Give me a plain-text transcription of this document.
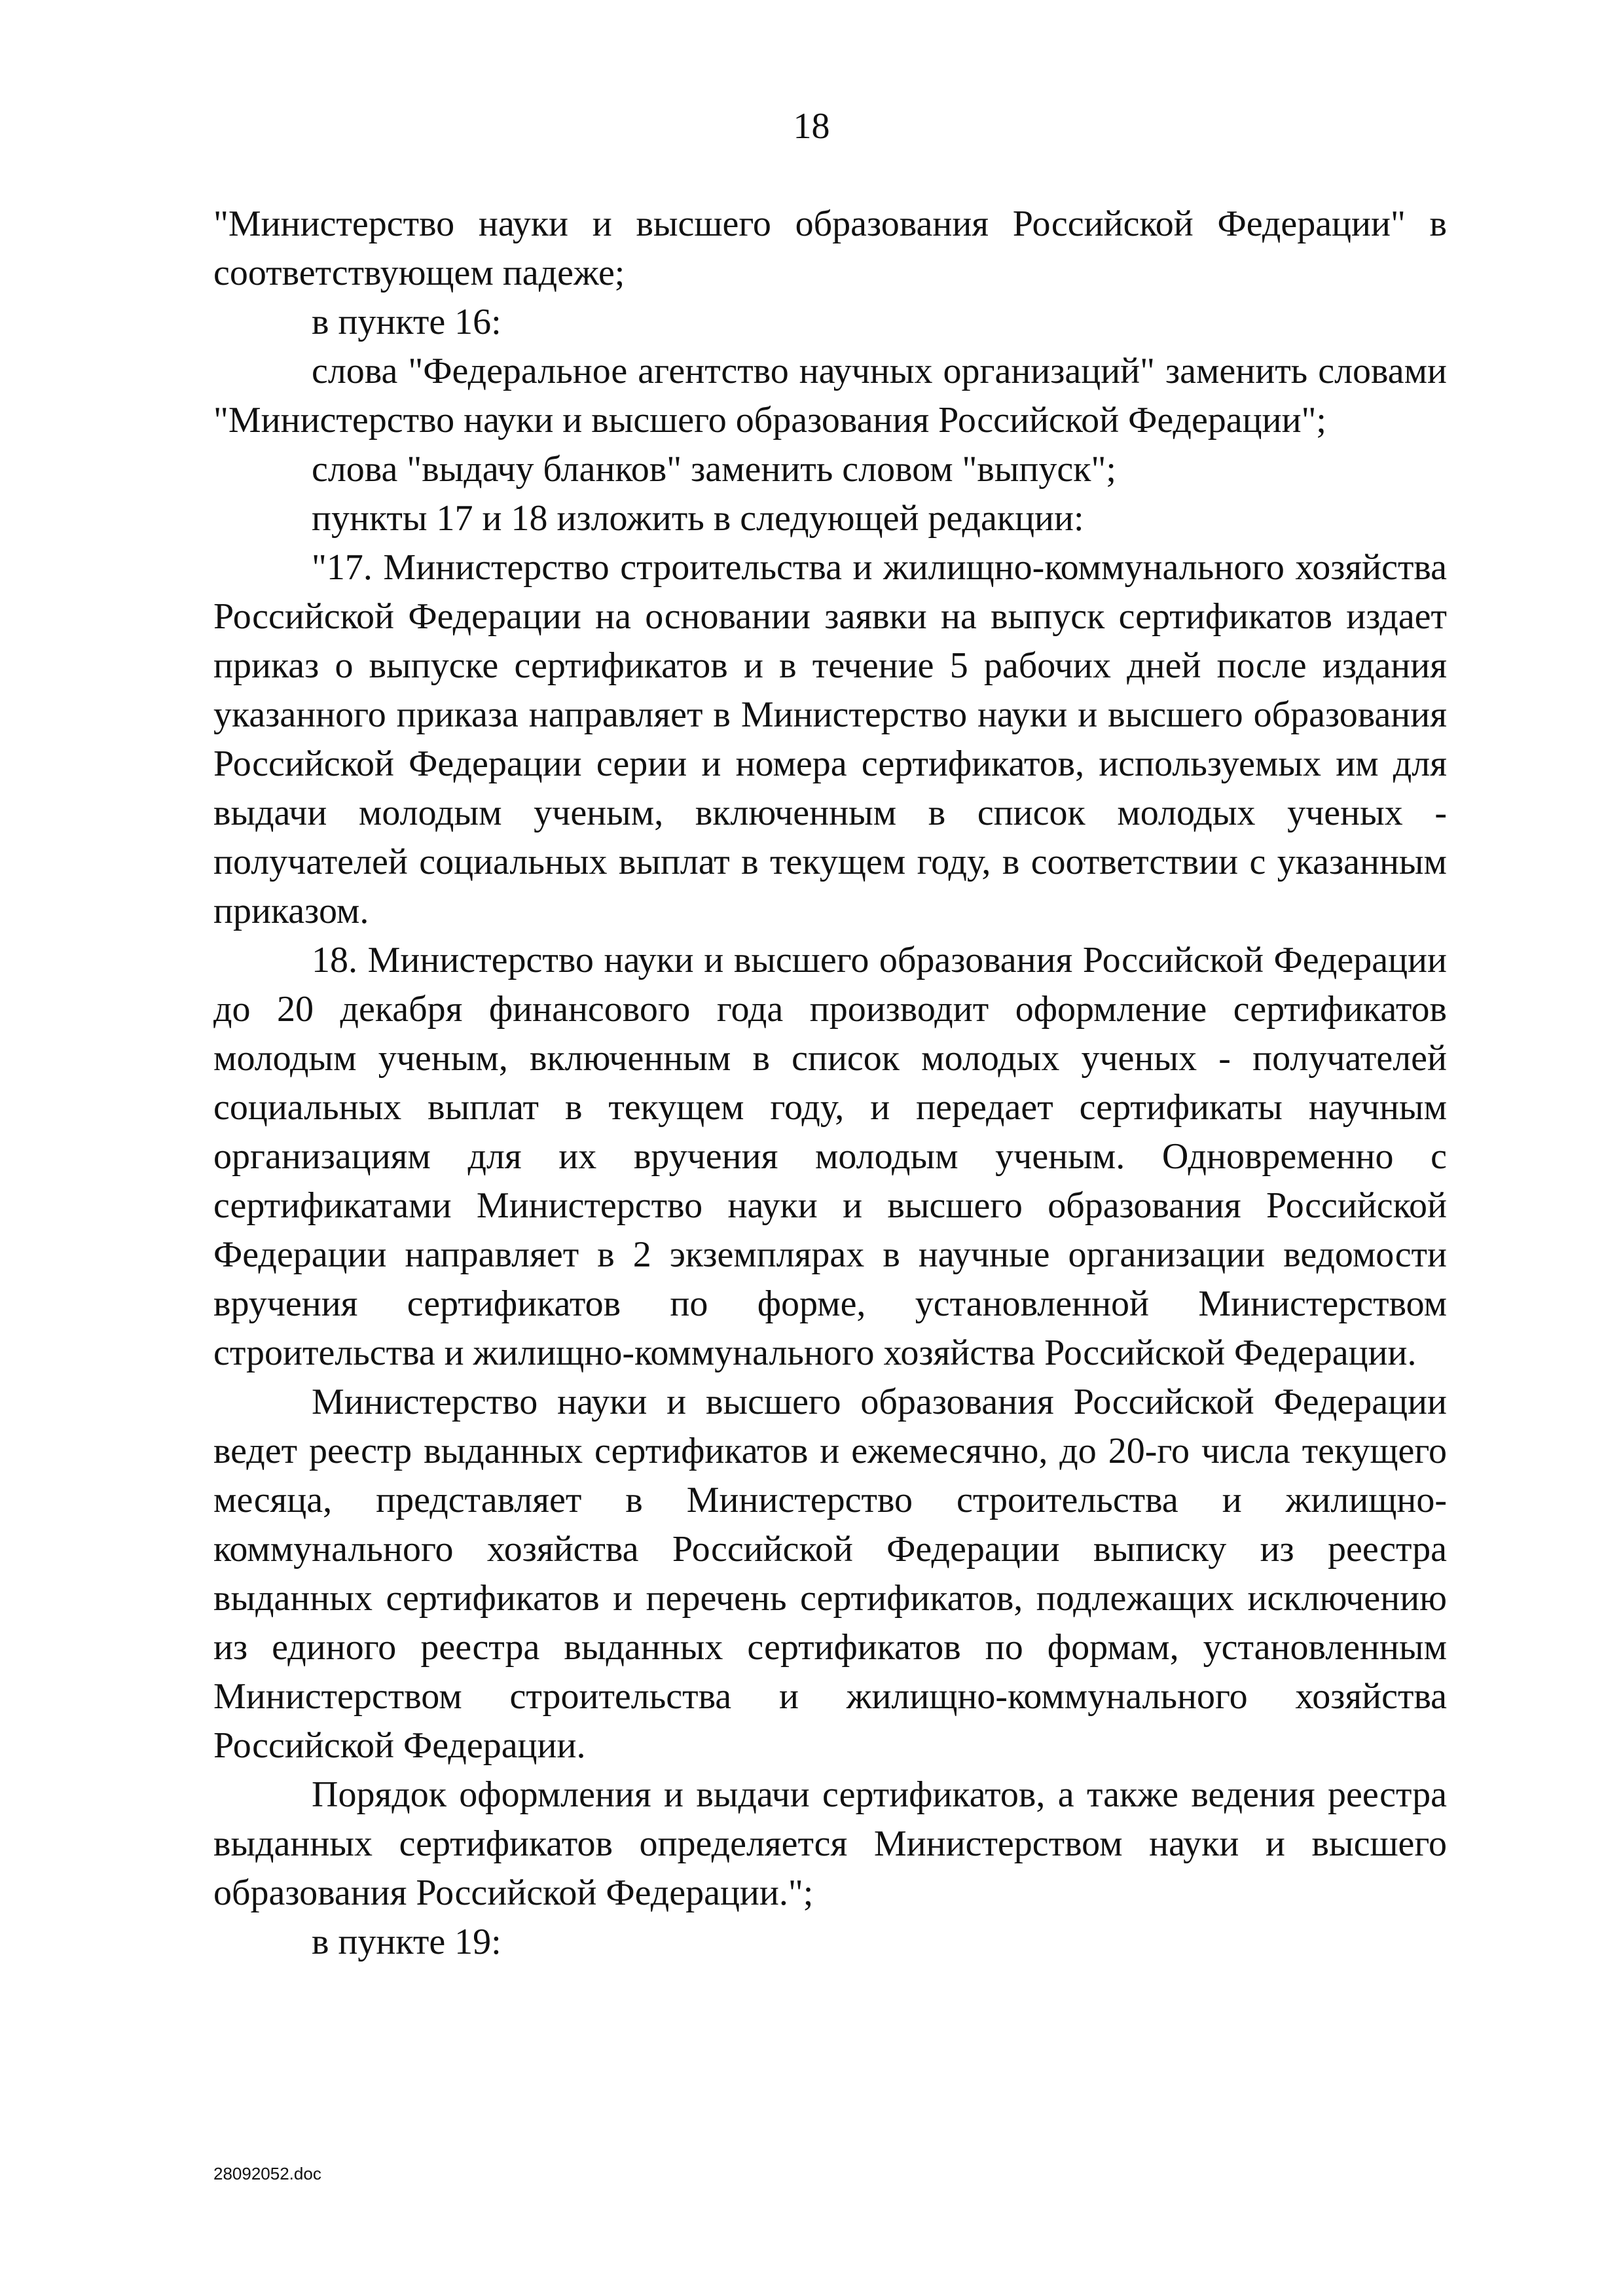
18

"Министерство науки и высшего образования Российской Федерации" в соответствующем падеже;

в пункте 16:

слова "Федеральное агентство научных организаций" заменить словами "Министерство науки и высшего образования Российской Федерации";

слова "выдачу бланков" заменить словом "выпуск";

пункты 17 и 18 изложить в следующей редакции:

"17. Министерство строительства и жилищно-коммунального хозяйства Российской Федерации на основании заявки на выпуск сертификатов издает приказ о выпуске сертификатов и в течение 5 рабочих дней после издания указанного приказа направляет в Министерство науки и высшего образования Российской Федерации серии и номера сертификатов, используемых им для выдачи молодым ученым, включенным в список молодых ученых - получателей социальных выплат в текущем году, в соответствии с указанным приказом.

18. Министерство науки и высшего образования Российской Федерации до 20 декабря финансового года производит оформление сертификатов молодым ученым, включенным в список молодых ученых - получателей социальных выплат в текущем году, и передает сертификаты научным организациям для их вручения молодым ученым. Одновременно с сертификатами Министерство науки и высшего образования Российской Федерации направляет в 2 экземплярах в научные организации ведомости вручения сертификатов по форме, установленной Министерством строительства и жилищно-коммунального хозяйства Российской Федерации.

Министерство науки и высшего образования Российской Федерации ведет реестр выданных сертификатов и ежемесячно, до 20-го числа текущего месяца, представляет в Министерство строительства и жилищно-коммунального хозяйства Российской Федерации выписку из реестра выданных сертификатов и перечень сертификатов, подлежащих исключению из единого реестра выданных сертификатов по формам, установленным Министерством строительства и жилищно-коммунального хозяйства Российской Федерации.

Порядок оформления и выдачи сертификатов, а также ведения реестра выданных сертификатов определяется Министерством науки и высшего образования Российской Федерации.";

в пункте 19:

28092052.doc
